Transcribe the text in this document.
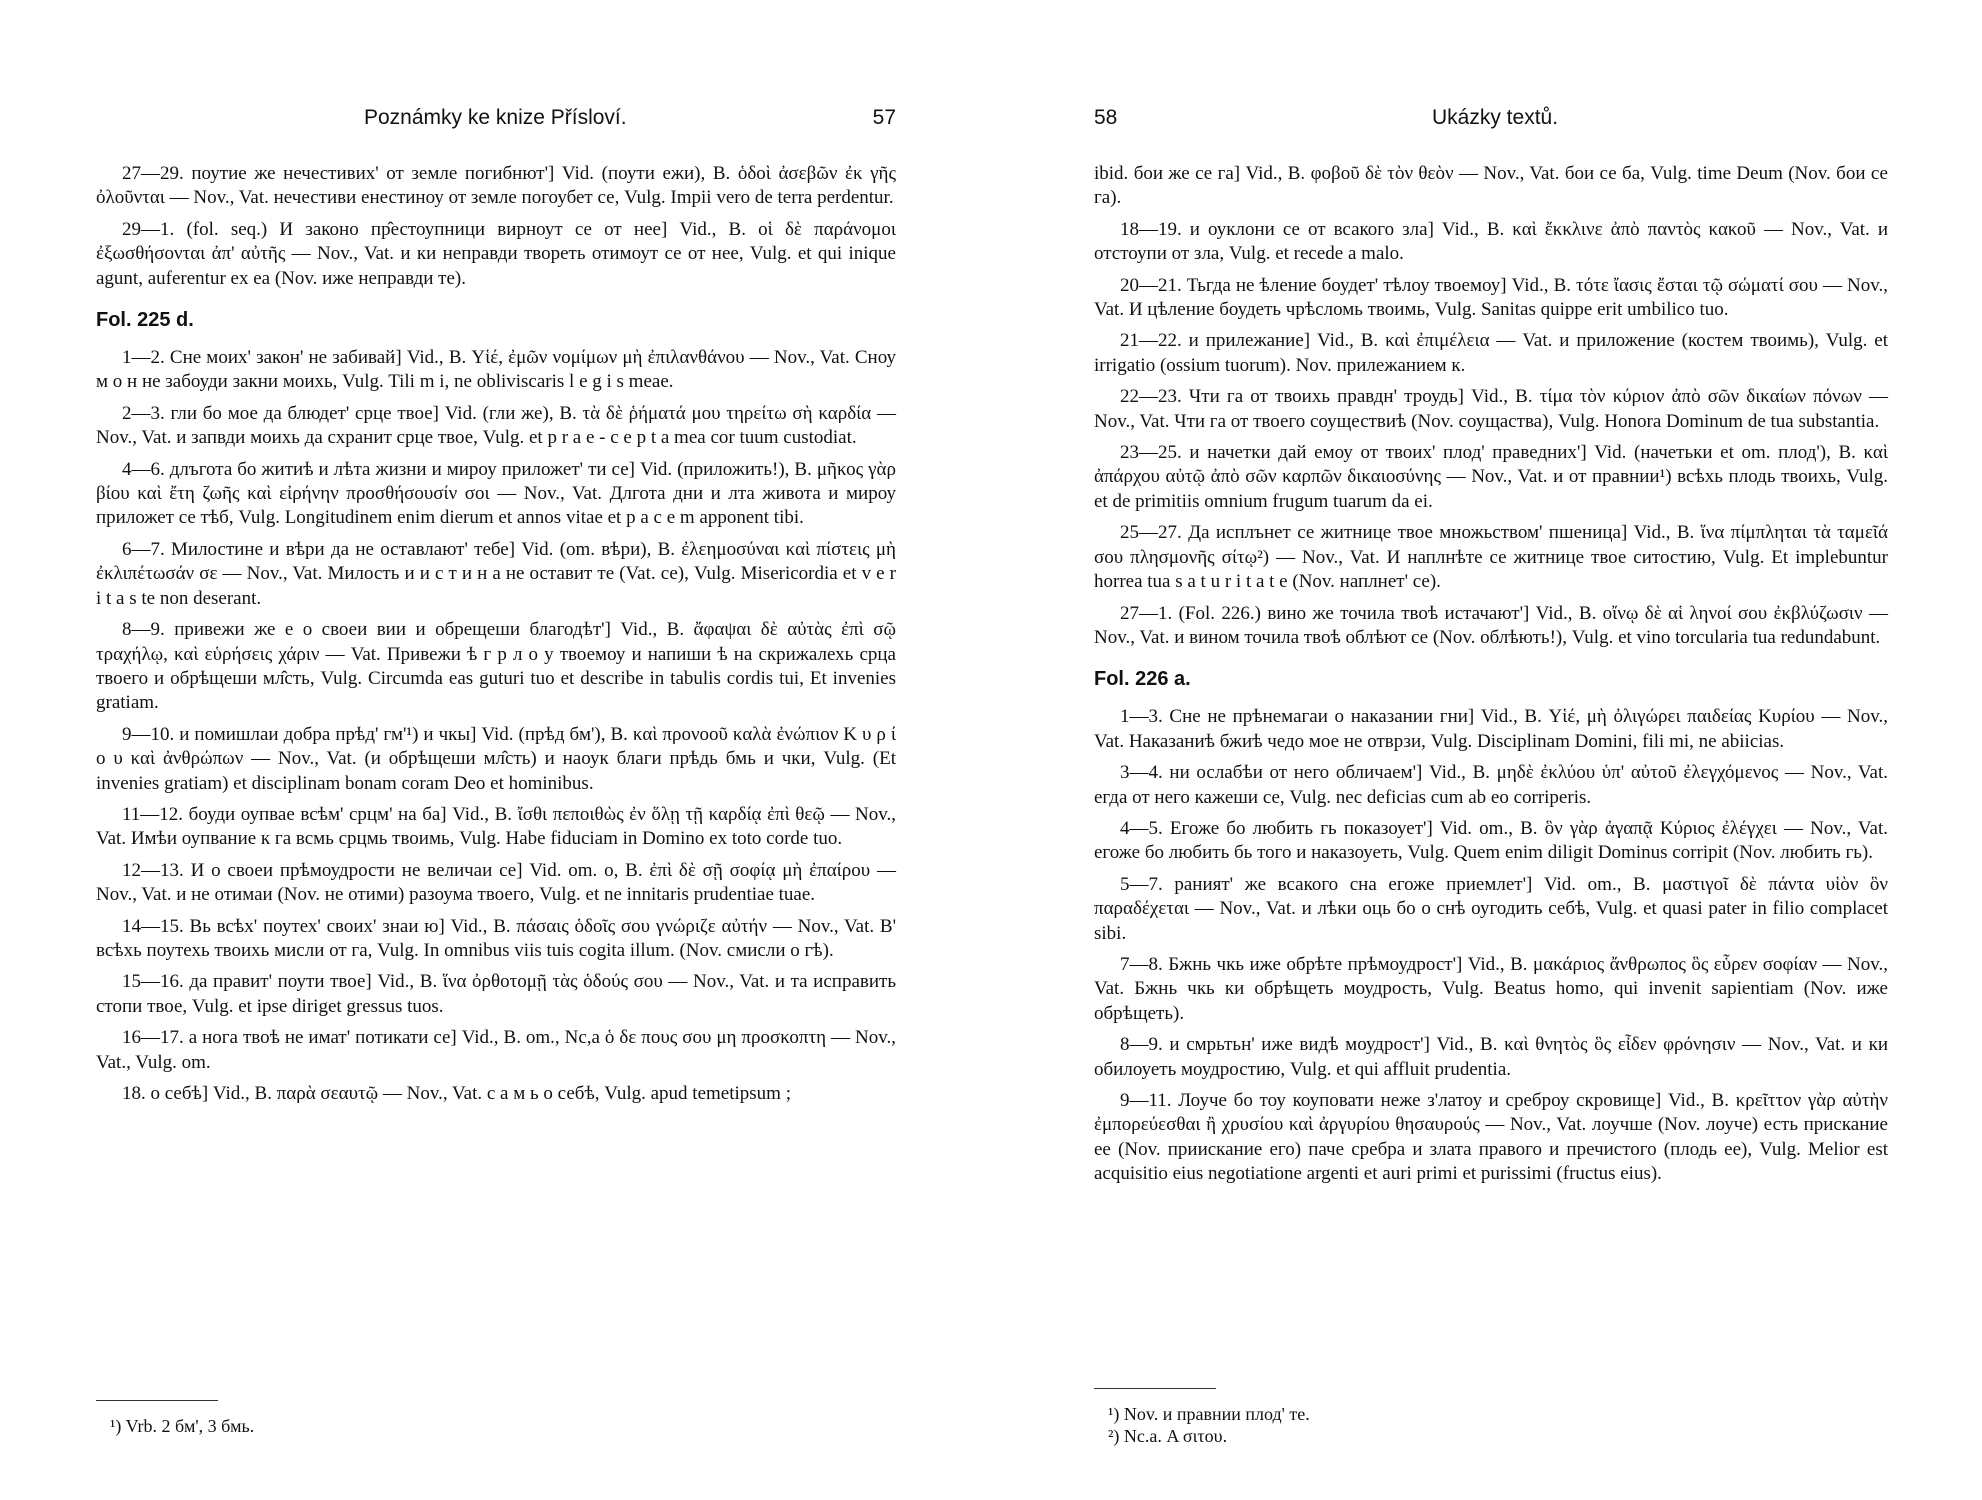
Poznámky ke knize Přísloví.	57

27—29. поутие же нечестивих' от земле погибнют'] Vid. (поути ежи), B. ὁδοὶ ἀσεβῶν ἐκ γῆς ὀλοῦνται — Nov., Vat. нечестиви енестиноу от земле погоубет се, Vulg. Impii vero de terra perdentur.

29—1. (fol. seq.) И законо пр̂естоупници вирноут се от нее] Vid., B. οἱ δὲ παράνομοι ἐξωσθήσονται ἀπ' αὐτῆς — Nov., Vat. и ки неправди твореть отимоут се от нее, Vulg. et qui inique agunt, auferentur ex ea (Nov. иже неправди те).

Fol. 225 d.

1—2. Сне моих' закон' не забивай] Vid., B. Υἱέ, ἐμῶν νομίμων μὴ ἐπιλανθάνου — Nov., Vat. Сноу м о н не забоуди закни моихь, Vulg. Tili m i, ne obliviscaris l e g i s meae.

2—3. гли бо мое да блюдет' срце твое] Vid. (гли же), B. τὰ δὲ ῥήματά μου τηρείτω σὴ καρδία — Nov., Vat. и запвди моихь да схранит срце твое, Vulg. et p r a e - c e p t a mea cor tuum custodiat.

4—6. длъгота бо житиѣ и лѣта жизни и мироу приложет' ти се] Vid. (приложить!), B. μῆκος γὰρ βίου καὶ ἔτη ζωῆς καὶ εἰρήνην προσθήσουσίν σοι — Nov., Vat. Длгота дни и лта живота и мироу приложет се тѣб, Vulg. Longitudinem enim dierum et annos vitae et p a c e m apponent tibi.

6—7. Милостине и вѣри да не оставлают' тебе] Vid. (om. вѣри), B. ἐλεημοσύναι καὶ πίστεις μὴ ἐκλιπέτωσάν σε — Nov., Vat. Милость и и с т и н а не оставит те (Vat. се), Vulg. Misericordia et v e r i t a s te non deserant.

8—9. привежи же е о своеи вии и обрещеши благодѣт'] Vid., B. ἄφαψαι δὲ αὐτὰς ἐπὶ σῷ τραχήλῳ, καὶ εὑρήσεις χάριν — Vat. Привежи ѣ г р л о у твоемоу и напиши ѣ на скрижалехь срца твоего и обрѣщеши мл̂сть, Vulg. Circumda eas guturi tuo et describe in tabulis cordis tui, Et invenies gratiam.

9—10. и помишлаи добра прѣд' гм'¹) и чкы] Vid. (прѣд бм'), B. καὶ προνοοῦ καλὰ ἐνώπιον Κ υ ρ ί ο υ καὶ ἀνθρώπων — Nov., Vat. (и обрѣщеши мл̂сть) и наоук благи прѣдь бмь и чки, Vulg. (Et invenies gratiam) et disciplinam bonam coram Deo et hominibus.

11—12. боуди оупвае всѣм' срцм' на ба] Vid., B. ἴσθι πεποιθὼς ἐν ὅλῃ τῇ καρδίᾳ ἐπὶ θεῷ — Nov., Vat. Имѣи оупвание к га всмь срцмь твоимь, Vulg. Habe fiduciam in Domino ex toto corde tuo.

12—13. И о своеи прѣмоудрости не величаи се] Vid. om. o, B. ἐπὶ δὲ σῇ σοφίᾳ μὴ ἐπαίρου — Nov., Vat. и не отимаи (Nov. не отими) разоума твоего, Vulg. et ne innitaris prudentiae tuae.

14—15. Вь всѣх' поутех' своих' знаи ю] Vid., B. πάσαις ὁδοῖς σου γνώριζε αὐτήν — Nov., Vat. В' всѣхь поутехь твоихь мисли от га, Vulg. In omnibus viis tuis cogita illum. (Nov. смисли о гѣ).

15—16. да правит' поути твое] Vid., B. ἵνα ὀρθοτομῇ τὰς ὁδούς σου — Nov., Vat. и та исправить стопи твое, Vulg. et ipse diriget gressus tuos.

16—17. а нога твоѣ не имат' потикати се] Vid., B. om., Nc,a ὁ δε πους σου μη προσκοπτη — Nov., Vat., Vulg. om.

18. о себѣ] Vid., B. παρὰ σεαυτῷ — Nov., Vat. с а м ь о себѣ, Vulg. apud temetipsum ;

¹) Vrb. 2 бм', 3 бмь.
58	Ukázky textů.

ibid. бои же се га] Vid., B. φοβοῦ δὲ τὸν θεὸν — Nov., Vat. бои се ба, Vulg. time Deum (Nov. бои се га).

18—19. и оуклони се от всакого зла] Vid., B. καὶ ἔκκλινε ἀπὸ παντὸς κακοῦ — Nov., Vat. и отстоупи от зла, Vulg. et recede a malo.

20—21. Тьгда не ѣление боудет' тѣлоу твоемоу] Vid., B. τότε ἴασις ἔσται τῷ σώματί σου — Nov., Vat. И цѣление боудеть чрѣсломь твоимь, Vulg. Sanitas quippe erit umbilico tuo.

21—22. и прилежание] Vid., B. καὶ ἐπιμέλεια — Vat. и приложение (костем твоимь), Vulg. et irrigatio (ossium tuorum). Nov. прилежанием к.

22—23. Чти га от твоихь правдн' троудь] Vid., B. τίμα τὸν κύριον ἀπὸ σῶν δικαίων πόνων — Nov., Vat. Чти га от твоего соуществиѣ (Nov. соущаства), Vulg. Honora Dominum de tua substantia.

23—25. и начетки дай емоу от твоих' плод' праведних'] Vid. (начетьки et om. плод'), B. καὶ ἀπάρχου αὐτῷ ἀπὸ σῶν καρπῶν δικαιοσύνης — Nov., Vat. и от правнии¹) всѣхь плодь твоихь, Vulg. et de primitiis omnium frugum tuarum da ei.

25—27. Да исплънет се житнице твое множьством' пшеница] Vid., B. ἵνα πίμπληται τὰ ταμεῖά σου πλησμονῆς σίτῳ²) — Nov., Vat. И наплнѣте се житнице твое ситостию, Vulg. Et implebuntur horrea tua s a t u r i t a t e (Nov. наплнет' се).

27—1. (Fol. 226.) вино же точила твоѣ истачают'] Vid., B. οἴνῳ δὲ αἱ ληνοί σου ἐκβλύζωσιν — Nov., Vat. и вином точила твоѣ облѣют се (Nov. облѣють!), Vulg. et vino torcularia tua redundabunt.

Fol. 226 a.

1—3. Сне не прѣнемагаи о наказании гни] Vid., B. Υἱέ, μὴ ὀλιγώρει παιδείας Κυρίου — Nov., Vat. Наказаниѣ бжиѣ чедо мое не отврзи, Vulg. Disciplinam Domini, fili mi, ne abiicias.

3—4. ни ослабѣи от него обличаем'] Vid., B. μηδὲ ἐκλύου ὑπ' αὐτοῦ ἐλεγχόμενος — Nov., Vat. егда от него кажеши се, Vulg. nec deficias cum ab eo corriperis.

4—5. Егоже бо любить гь показоует'] Vid. om., B. ὃν γὰρ ἀγαπᾷ Κύριος ἐλέγχει — Nov., Vat. егоже бо любить бь того и наказоуеть, Vulg. Quem enim diligit Dominus corripit (Nov. любить гь).

5—7. раният' же всакого сна егоже приемлет'] Vid. om., B. μαστιγοῖ δὲ πάντα υἱὸν ὃν παραδέχεται — Nov., Vat. и лѣки оць бо о снѣ оугодить себѣ, Vulg. et quasi pater in filio complacet sibi.

7—8. Бжнь чкь иже обрѣте прѣмоудрост'] Vid., B. μακάριος ἄνθρωπος ὃς εὗρεν σοφίαν — Nov., Vat. Бжнь чкь ки обрѣщеть моудрость, Vulg. Beatus homo, qui invenit sapientiam (Nov. иже обрѣщеть).

8—9. и смрьтьн' иже видѣ моудрост'] Vid., B. καὶ θνητὸς ὃς εἶδεν φρόνησιν — Nov., Vat. и ки обилоуеть моудростию, Vulg. et qui affluit prudentia.

9—11. Лоуче бо тоу коуповати неже з'латоу и среброу скровище] Vid., B. κρεῖττον γὰρ αὐτὴν ἐμπορεύεσθαι ἢ χρυσίου καὶ ἀργυρίου θησαυρούς — Nov., Vat. лоучше (Nov. лоуче) есть прискание ее (Nov. приискание его) паче сребра и злата правого и пречистого (плодь ее), Vulg. Melior est acquisitio eius negotiatione argenti et auri primi et purissimi (fructus eius).

¹) Nov. и правнии плод' те.
²) Nc.a. Α σιτου.
